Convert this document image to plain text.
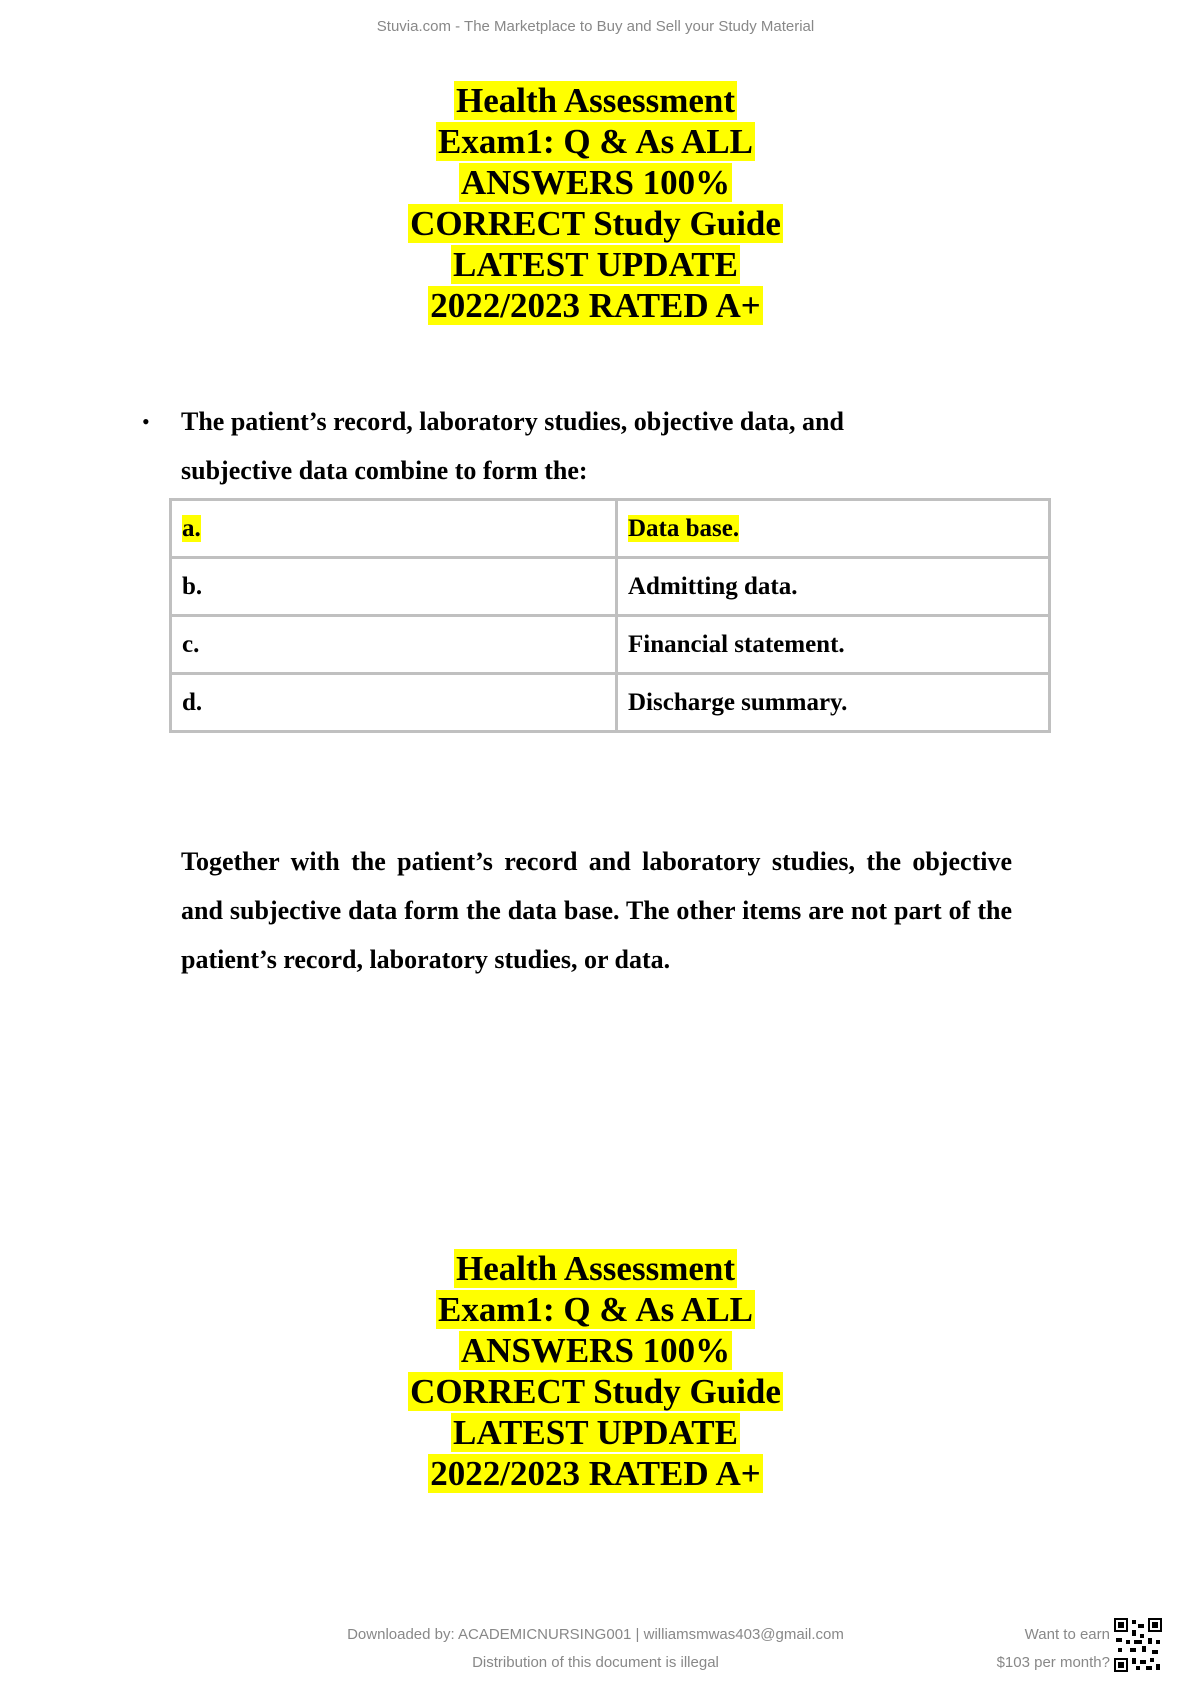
Stuvia.com - The Marketplace to Buy and Sell your Study Material
Health Assessment
Exam1: Q & As ALL
ANSWERS 100%
CORRECT Study Guide
LATEST UPDATE
2022/2023 RATED A+
• The patient’s record, laboratory studies, objective data, and subjective data combine to form the:
a.	Data base.
b.	Admitting data.
c.	Financial statement.
d.	Discharge summary.
Together with the patient’s record and laboratory studies, the objective and subjective data form the data base. The other items are not part of the patient’s record, laboratory studies, or data.
Health Assessment
Exam1: Q & As ALL
ANSWERS 100%
CORRECT Study Guide
LATEST UPDATE
2022/2023 RATED A+
Downloaded by: ACADEMICNURSING001 | williamsmwas403@gmail.com
Distribution of this document is illegal
Want to earn
$103 per month?
